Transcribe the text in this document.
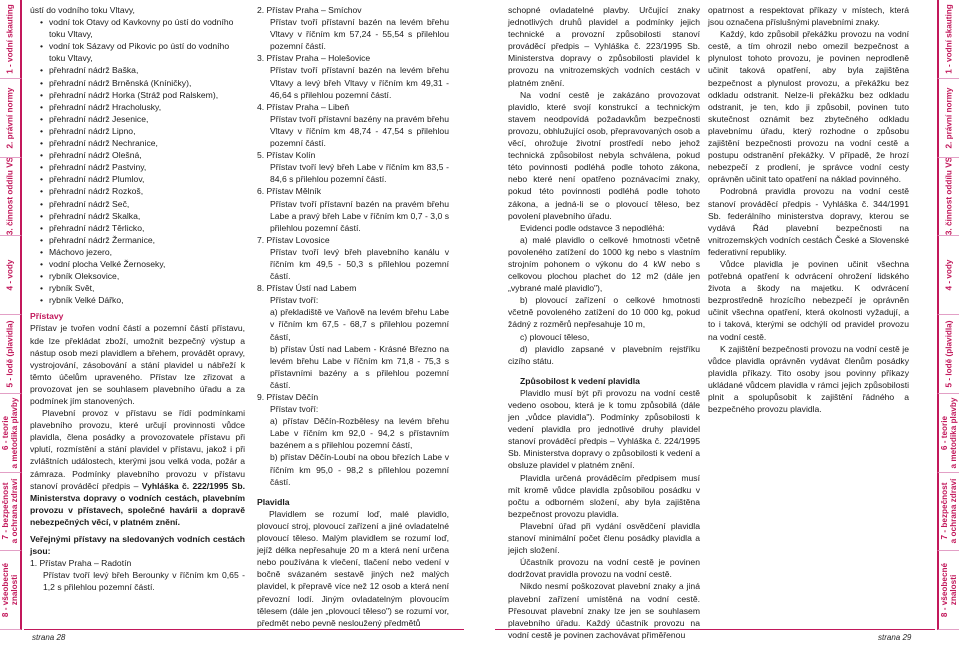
1 - vodní skauting
2. právní normy
3. činnost oddílu VS
4 - vody
5 - lodě (plavidla)
6 - teorie
a metodika plavby
7 - bezpečnost
a ochrana zdraví
8 - všeobecné
znalosti
1 - vodní skauting
2. právní normy
3. činnost oddílu VS
4 - vody
5 - lodě (plavidla)
6 - teorie
a metodika plavby
7 - bezpečnost
a ochrana zdraví
8 - všeobecné
znalosti

ústí do vodního toku Vltavy,

• vodní tok Otavy od Kavkovny po ústí do vodního toku Vltavy,
• vodní tok Sázavy od Pikovic po ústí do vodního toku Vltavy,
• přehradní nádrž Baška,
• přehradní nádrž Brněnská (Kníničky),
• přehradní nádrž Horka (Stráž pod Ralskem),
• přehradní nádrž Hracholusky,
• přehradní nádrž Jesenice,
• přehradní nádrž Lipno,
• přehradní nádrž Nechranice,
• přehradní nádrž Olešná,
• přehradní nádrž Pastviny,
• přehradní nádrž Plumlov,
• přehradní nádrž Rozkoš,
• přehradní nádrž Seč,
• přehradní nádrž Skalka,
• přehradní nádrž Těrlicko,
• přehradní nádrž Žermanice,
• Máchovo jezero,
• vodní plocha Velké Žernoseky,
• rybník Oleksovice,
• rybník Svět,
• rybník Velké Dářko,

Přístavy

Přístav je tvořen vodní částí a pozemní částí přístavu, kde lze překládat zboží, umožnit bezpečný výstup a nástup osob mezi plavidlem a břehem, provádět opravy, vystrojování, zásobování a stání plavidel u nábřeží k těmto účelům upraveného. Přístav lze zřizovat a provozovat jen se souhlasem plavebního úřadu a za podmínek jím stanovených.

Plavební provoz v přístavu se řídí podmínkami plavebního provozu, které určují provinnosti vůdce plavidla, člena posádky a provozovatele přístavu při vplutí, rozmístění a stání plavidel v přístavu, jakož i při zvláštních událostech, kterými jsou velká voda, požár a zámraza. Podmínky plavebního provozu v přístavu stanoví prováděcí předpis – Vyhláška č. 222/1995 Sb. Ministerstva dopravy o vodních cestách, plavebním provozu v přístavech, společné havárii a dopravě nebezpečných věcí, v platném znění.

Veřejnými přístavy na sledovaných vodních cestách jsou:

1. Přístav Praha – Radotín

Přístav tvoří levý břeh Berounky v říčním km 0,65 - 1,2 s přilehlou pozemní částí.

2. Přístav Praha – Smíchov

Přístav tvoří přístavní bazén na levém břehu Vltavy v říčním km 57,24 - 55,54 s přilehlou pozemní částí.

3. Přístav Praha – Holešovice

Přístav tvoří přístavní bazén na levém břehu Vltavy a levý břeh Vltavy v říčním km 49,31 - 46,64 s přilehlou pozemní částí.

4. Přístav Praha – Libeň

Přístav tvoří přístavní bazény na pravém břehu Vltavy v říčním km 48,74 - 47,54 s přilehlou pozemní částí.

5. Přístav Kolín

Přístav tvoří levý břeh Labe v říčním km 83,5 - 84,6 s přilehlou pozemní částí.

6. Přístav Mělník

Přístav tvoří přístavní bazén na pravém břehu Labe a pravý břeh Labe v říčním km 0,7 - 3,0 s přilehlou pozemní částí.

7. Přístav Lovosice

Přístav tvoří levý břeh plavebního kanálu v říčním km 49,5 - 50,3 s přilehlou pozemní částí.

8. Přístav Ústí nad Labem

Přístav tvoří:

a) překladiště ve Vaňově na levém břehu Labe v říčním km 67,5 - 68,7 s přilehlou pozemní částí,

b) přístav Ústí nad Labem - Krásné Březno na levém břehu Labe v říčním km 71,8 - 75,3 s přístavními bazény a s přilehlou pozemní částí.

9. Přístav Děčín

Přístav tvoří:

a) přístav Děčín-Rozbělesy na levém břehu Labe v říčním km 92,0 - 94,2 s přístavním bazénem a s přilehlou pozemní částí,

b) přístav Děčín-Loubí na obou březích Labe v říčním km 95,0 - 98,2 s přilehlou pozemní částí.

Plavidla

Plavidlem se rozumí loď, malé plavidlo, plovoucí stroj, plovoucí zařízení a jiné ovladatelné plovoucí těleso. Malým plavidlem se rozumí loď, jejíž délka nepřesahuje 20 m a která není určena nebo používána k vlečení, tlačení nebo vedení v bočně svázaném sestavě jiných než malých plavidel, k přepravě více než 12 osob a která není převozní lodí. Jiným ovladatelným plovoucím tělesem (dále jen „plovoucí těleso") se rozumí vor, předmět nebo pevně nesloužený předmětů

schopné ovladatelné plavby. Určující znaky jednotlivých druhů plavidel a podmínky jejich technické a provozní způsobilosti stanoví prováděcí předpis – Vyhláška č. 223/1995 Sb. Ministerstva dopravy o způsobilosti plavidel k provozu na vnitrozemských vodních cestách v platném znění.

Na vodní cestě je zakázáno provozovat plavidlo, které svojí konstrukcí a technickým stavem neodpovídá požadavkům bezpečnosti provozu, obhlužující osob, přepravovaných osob a věcí, ohrožuje životní prostředí nebo jehož technická způsobilost nebyla schválena, pokud této povinnosti podléhá podle tohoto zákona, nebo které není opatřeno poznávacími znaky, pokud této povinnosti podléhá podle tohoto zákona, a jedná-li se o plovoucí těleso, bez povolení plavebního úřadu.

Evidenci podle odstavce 3 nepodléhá:

a) malé plavidlo o celkové hmotnosti včetně povoleného zatížení do 1000 kg nebo s vlastním strojním pohonem o výkonu do 4 kW nebo s celkovou plochou plachet do 12 m2 (dále jen „vybrané malé plavidlo"),

b) plovoucí zařízení o celkové hmotnosti včetně povoleného zatížení do 10 000 kg, pokud žádný z rozměrů nepřesahuje 10 m,

c) plovoucí těleso,

d) plavidlo zapsané v plavebním rejstříku cizího státu.

Způsobilost k vedení plavidla

Plavidlo musí být při provozu na vodní cestě vedeno osobou, která je k tomu způsobilá (dále jen „vůdce plavidla"). Podmínky způsobilosti k vedení plavidla pro jednotlivé druhy plavidel stanoví prováděcí předpis – Vyhláška č. 224/1995 Sb. Ministerstva dopravy o způsobilosti k vedení a obsluze plavidel v platném znění.

Plavidla určená prováděcím předpisem musí mít kromě vůdce plavidla způsobilou posádku v počtu a odborném složení, aby byla zajištěna bezpečnost provozu plavidla.

Plavební úřad při vydání osvědčení plavidla stanoví minimální počet členu posádky plavidla a jejich složení.

Účastník provozu na vodní cestě je povinen dodržovat pravidla provozu na vodní cestě.

Nikdo nesmí poškozovat plavební znaky a jiná plavební zařízení umístěná na vodní cestě. Přesouvat plavební znaky lze jen se souhlasem plavebního úřadu. Každý účastník provozu na vodní cestě je povinen zachovávat přiměřenou

opatrnost a respektovat příkazy v místech, která jsou označena příslušnými plavebními znaky.

Každý, kdo způsobil překážku provozu na vodní cestě, a tím ohrozil nebo omezil bezpečnost a plynulost tohoto provozu, je povinen neprodleně učinit taková opatření, aby byla zajištěna bezpečnost a plynulost provozu, a překážku bez odkladu odstranit. Nelze-li překážku bez odkladu odstranit, je ten, kdo ji způsobil, povinen tuto skutečnost oznámit bez zbytečného odkladu plavebnímu úřadu, který rozhodne o způsobu zajištění bezpečnosti provozu na vodní cestě a postupu odstranění překážky. V případě, že hrozí nebezpečí z prodlení, je správce vodní cesty oprávněn učinit tato opatření na náklad povinného.

Podrobná pravidla provozu na vodní cestě stanoví prováděcí předpis - Vyhláška č. 344/1991 Sb. federálního ministerstva dopravy, kterou se vydává Řád plavební bezpečnosti na vnitrozemských vodních cestách České a Slovenské federativní republiky.

Vůdce plavidla je povinen učinit všechna potřebná opatření k odvrácení ohrožení lidského života a škody na majetku. K odvrácení bezprostředně hrozícího nebezpečí je oprávněn učinit všechna opatření, která okolnosti vyžadují, a to i taková, kterými se odchýlí od pravidel provozu na vodní cestě.

K zajištění bezpečnosti provozu na vodní cestě je vůdce plavidla oprávněn vydávat členům posádky plavidla příkazy. Tito osoby jsou povinny příkazy ukládané vůdcem plavidla v rámci jejich způsobilosti plnit a spolupůsobit k zajištění řádného a bezpečného provozu plavidla.

strana 28	strana 29
